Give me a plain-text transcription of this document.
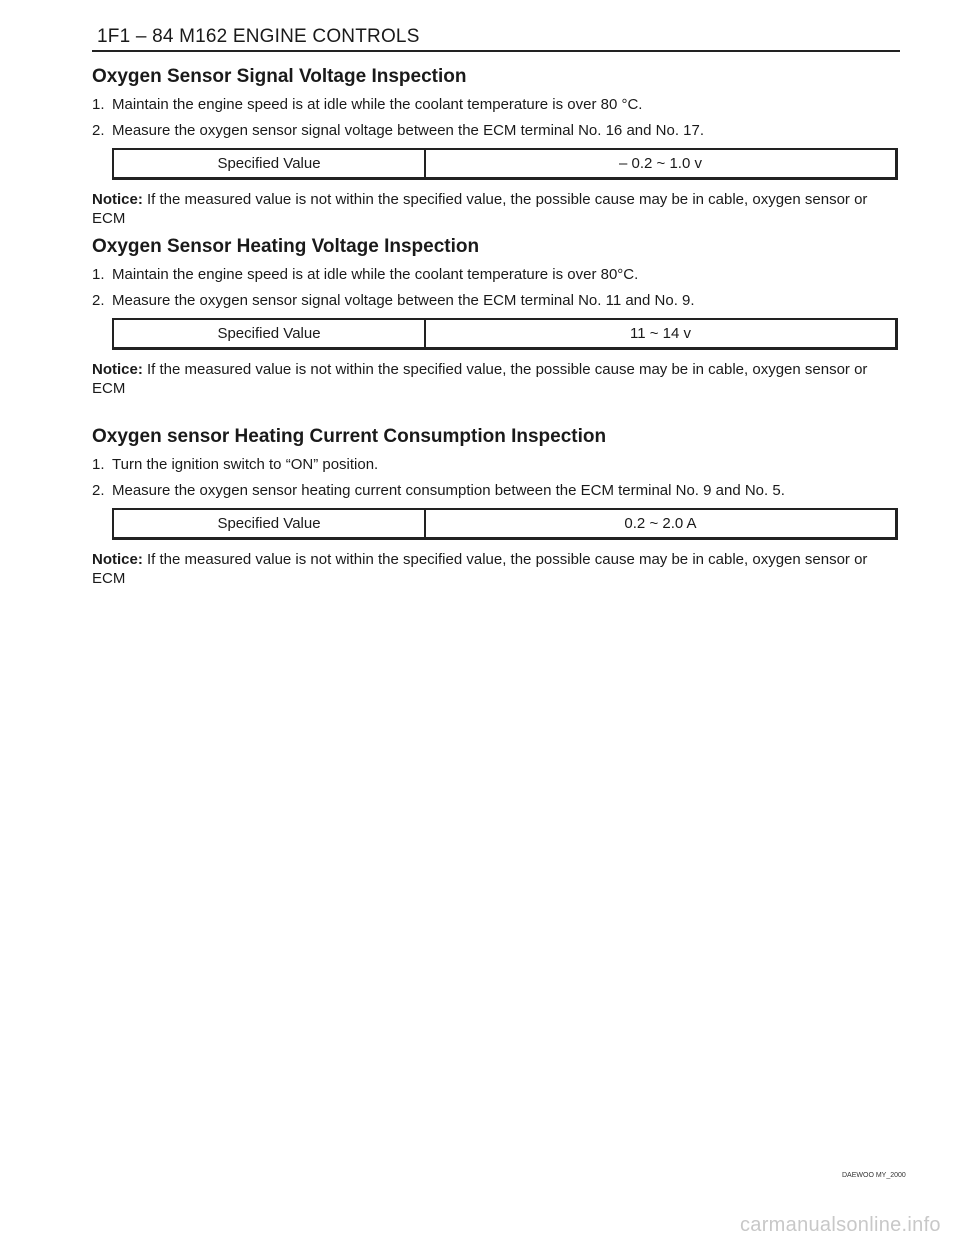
1F1 – 84 M162 ENGINE CONTROLS
Oxygen Sensor Signal Voltage Inspection
1. Maintain the engine speed is at idle while the coolant temperature is over 80 °C.
2. Measure the oxygen sensor signal voltage between the ECM terminal No. 16 and No. 17.
Specified Value	– 0.2 ~ 1.0 v

Notice: If the measured value is not within the specified value, the possible cause may be in cable, oxygen sensor or ECM

Oxygen Sensor Heating Voltage Inspection
1. Maintain the engine speed is at idle while the coolant temperature is over 80°C.
2. Measure the oxygen sensor signal voltage between the ECM terminal No. 11 and No. 9.
Specified Value	11 ~ 14 v

Notice: If the measured value is not within the specified value, the possible cause may be in cable, oxygen sensor or ECM

Oxygen sensor Heating Current Consumption Inspection
1. Turn the ignition switch to “ON” position.
2. Measure the oxygen sensor heating current consumption between the ECM terminal No. 9 and No. 5.
Specified Value	0.2 ~ 2.0 A

Notice: If the measured value is not within the specified value, the possible cause may be in cable, oxygen sensor or ECM

DAEWOO MY_2000
carmanualsonline.info
